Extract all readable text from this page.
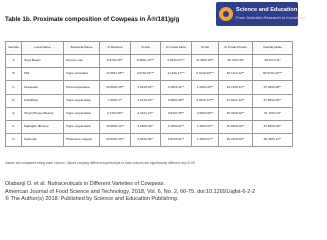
Table 1b. Proximate composition of Cowpeas in Â®/181)g/g
Science and Education Publishing
From Scientific Research to Knowledge
Sample	Local Name	Botanical Name	% Moisture	% Ash	% Crude Fibre	% Fat	% Crude Protein	Carbohydrate
A	Soya Beans	Glycine max	5.87±0.15**	5.98±0.10***	2.82±0.01***	11.98±0.03**	36.74±0.36*	36.61±0.11*
B	Olili	Vigna unicuilata	10.38±1.05**	4.07±0.01***	4.12±0.11***	0.31±0.03***	30.11±0.12**	65.87±0.32***
C	Fiorapeak	Psmocotyledulea	10.60±0.10**	3.64±0.01**	2.26±0.11**	1.59±0.20**	26.12±0.11**	67.48±0.08**
D	Fio(White)	Vigna unguiculata	7.66±0.1**	2.61±0.01**	3.98±0.08**	3.46±0.12***	27.99±1.24**	57.88±0.30**
E	Oloyin(Honey Beans)	Vigna unguiculata	9.74±0.06**	3.44±1.21**	3.84±0.36**	2.66±0.06**	25.34±0.02**	61.70±0.10*
F	Mgbagbe (Brown)	Vigna unguiculata	10.68±0.12**	3.68±0.04**	2.18±0.01**	1.36±0.01**	20.66±0.03**	67.68±0.18**
G	Kahunda	Phaseolus vulgaris	10.02±0.10**	2.90±0.06**	2.62±0.01**	1.26±0.07**	25.24±0.04**	65.48±0.11**
Values are compared along each column. Values carrying different superscripts in each column are significantly different at p<0.05
Olabanji O. et al. Nutraceuticals in Different Varieties of Cowpeas.
American Journal of Food Science and Technology, 2018, Vol. 6, No. 2, 66-75. doi:10.12691/ajfst-6-2-2
© The Author(s) 2018. Published by Science and Education Publishing.
